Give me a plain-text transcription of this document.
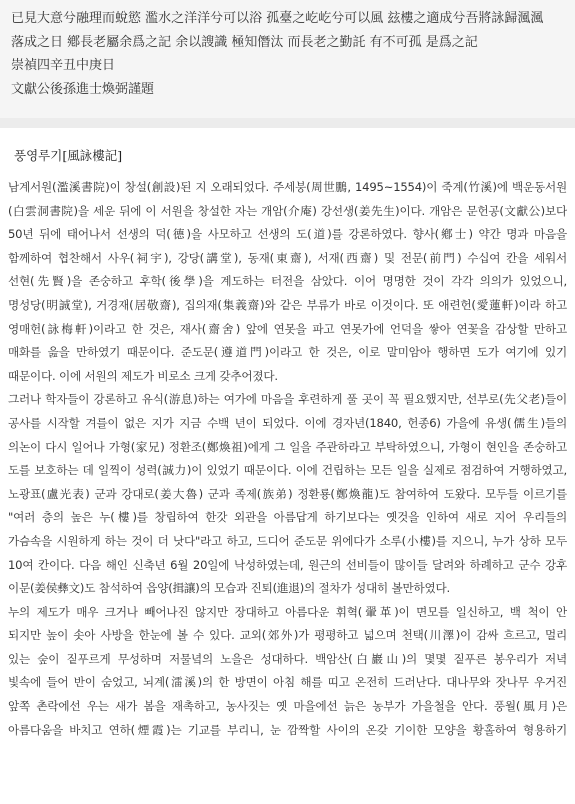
已見大意兮融理而蛻慾 濫水之洋洋兮可以浴 孤臺之屹屹兮可以風 玆樓之適成兮吾將詠歸渢渢
落成之日 鄕長老屬余爲之記 余以謏識 極知僭汰 而長老之勤託 有不可孤 是爲之記
崇禎四辛丑中庚日
文獻公後孫進士煥弼謹題
풍영루기[風詠樓記]
남계서원(濫溪書院)이 창설(創設)된 지 오래되었다. 주세붕(周世鵬, 1495~1554)이 죽계(竹溪)에 백운동서원
(白雲洞書院)을 세운 뒤에 이 서원을 창설한 자는 개암(介庵) 강선생(姜先生)이다. 개암은 문헌공(文獻公)보다
50년 뒤에 태어나서 선생의 덕(德)을 사모하고 선생의 도(道)를 강론하였다. 향사(鄕士) 약간 명과 마음을
함께하여 협찬해서 사우(祠宇), 강당(講堂), 동재(東齋), 서재(西齋) 및 전문(前門) 수십여 칸을 세워서
선현(先賢)을 존숭하고 후학(後學)을 계도하는 터전을 삼았다. 이어 명명한 것이 각각 의의가 있었으니,
명성당(明誠堂), 거경재(居敬齋), 집의재(集義齋)와 같은 부류가 바로 이것이다. 또 애련헌(愛蓮軒)이라 하고
영매헌(詠梅軒)이라고 한 것은, 재사(齋舍) 앞에 연못을 파고 연못가에 언덕을 쌓아 연꽃을 감상할 만하고
매화를 읊을 만하였기 때문이다. 준도문(遵道門)이라고 한 것은, 이로 말미암아 행하면 도가 여기에 있기
때문이다. 이에 서원의 제도가 비로소 크게 갖추어졌다.
그러나 학자들이 강론하고 유식(游息)하는 여가에 마음을 후련하게 풀 곳이 꼭 필요했지만, 선부로(先父老)들이
공사를 시작할 겨를이 없은 지가 지금 수백 년이 되었다. 이에 경자년(1840, 헌종6) 가을에 유생(儒生)들의
의논이 다시 일어나 가형(家兄) 정환조(鄭煥祖)에게 그 일을 주관하라고 부탁하였으니, 가형이 현인을 존숭하고
도를 보호하는 데 일찍이 성력(誠力)이 있었기 때문이다. 이에 건립하는 모든 일을 실제로 점검하여 거행하였고,
노광표(盧光表) 군과 강대로(姜大魯) 군과 족제(族弟) 정환룡(鄭煥龍)도 참여하여 도왔다. 모두들 이르기를
"여러 층의 높은 누(樓)를 창립하여 한갓 외관을 아름답게 하기보다는 옛것을 인하여 새로 지어 우리들의
가슴속을 시원하게 하는 것이 더 낫다"라고 하고, 드디어 준도문 위에다가 소루(小樓)를 지으니, 누가 상하 모두
10여 칸이다. 다음 해인 신축년 6월 20일에 낙성하였는데, 원근의 선비들이 많이들 달려와 하례하고 군수 강후
이문(姜侯彝文)도 참석하여 읍양(揖讓)의 모습과 진퇴(進退)의 절차가 성대히 볼만하였다.
누의 제도가 매우 크거나 빼어나진 않지만 장대하고 아름다운 휘혁(翬革)이 면모를 일신하고, 백 척이 안
되지만 높이 솟아 사방을 한눈에 볼 수 있다. 교외(郊外)가 평평하고 넓으며 천택(川澤)이 감싸 흐르고, 멀리
있는 숲이 짙푸르게 무성하며 저물녘의 노을은 성대하다. 백암산(白巖山)의 몇몇 짙푸른 봉우리가 저녁
빛속에 들어 반이 숨었고, 뇌계(㵢溪)의 한 방면이 아침 해를 띠고 온전히 드러난다. 대나무와 잣나무 우거진
앞쪽 촌락에선 우는 새가 봄을 재촉하고, 농사짓는 옛 마을에선 늙은 농부가 가을철을 안다. 풍월(風月)은
아름다움을 바치고 연하(煙霞)는 기교를 부리니, 눈 깜짝할 사이의 온갖 기이한 모양을 황홀하여 형용하기
